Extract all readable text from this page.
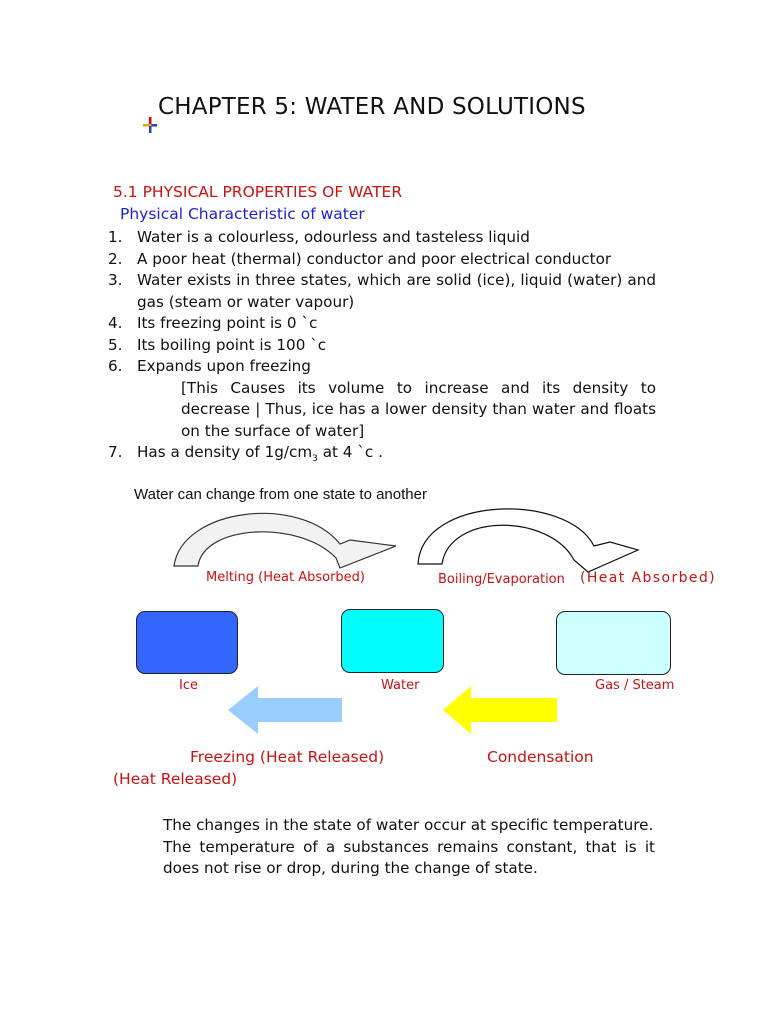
CHAPTER 5: WATER AND SOLUTIONS
5.1 PHYSICAL PROPERTIES OF WATER
Physical Characteristic of water
1. Water is a colourless, odourless and tasteless liquid
2. A poor heat (thermal) conductor and poor electrical conductor
3. Water exists in three states, which are solid (ice), liquid (water) and gas (steam or water vapour)
4. Its freezing point is 0 `c
5. Its boiling point is 100 `c
6. Expands upon freezing
[This Causes its volume to increase and its density to decrease | Thus, ice has a lower density than water and floats on the surface of water]
7. Has a density of $1g/cm_3$ at 4 `c .
Water can change from one state to another
Melting (Heat Absorbed)	Boiling/Evaporation (Heat Absorbed)
Ice	Water	Gas / Steam
Freezing (Heat Released)	Condensation
(Heat Released)

The changes in the state of water occur at specific temperature.

The temperature of a substances remains constant, that is it does not rise or drop, during the change of state.
